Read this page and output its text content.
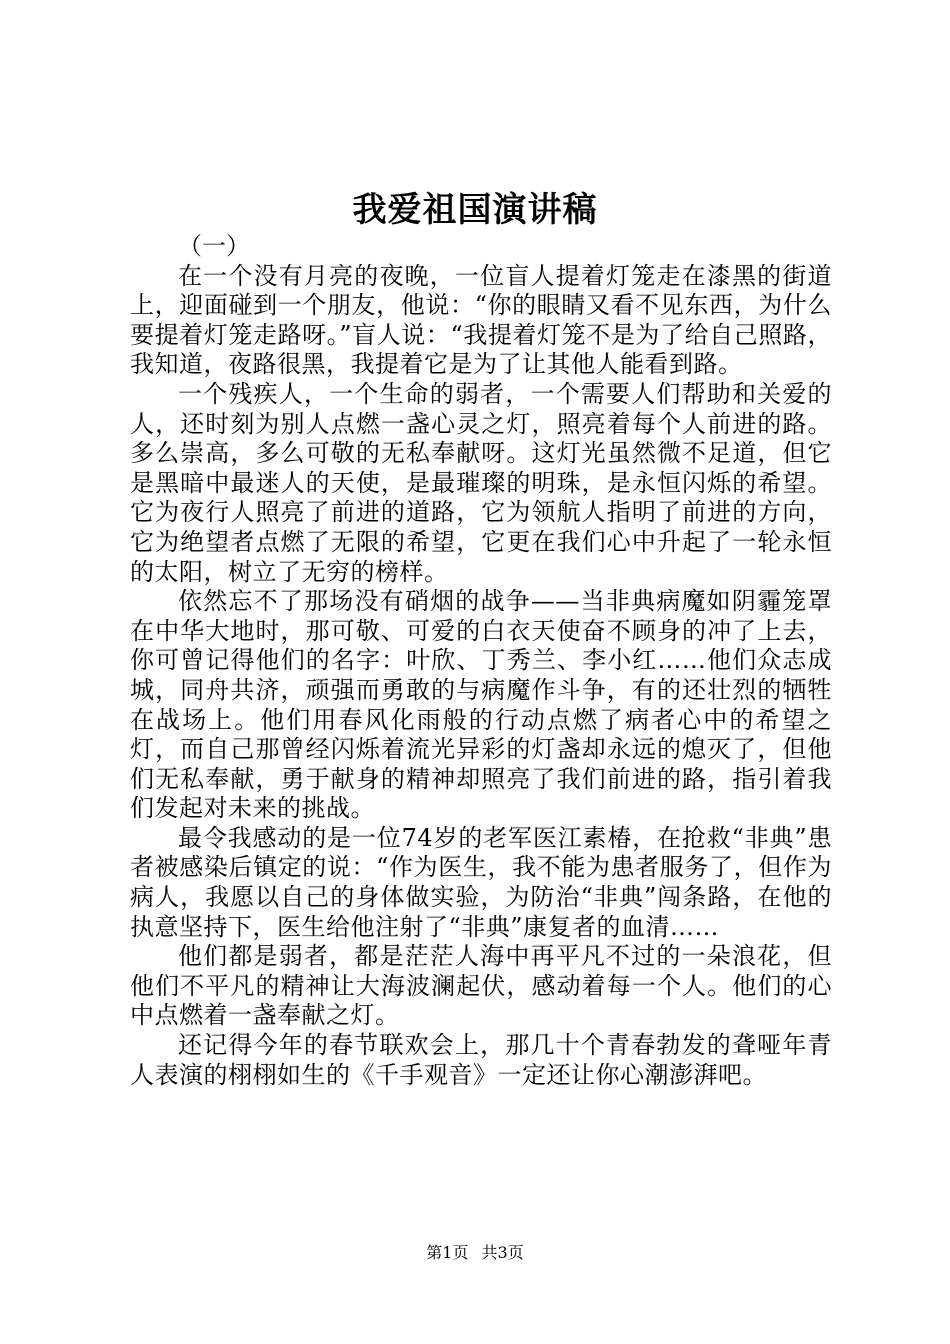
我爱祖国演讲稿

（一）

在一个没有月亮的夜晚，一位盲人提着灯笼走在漆黑的街道上，迎面碰到一个朋友，他说：“你的眼睛又看不见东西，为什么要提着灯笼走路呀。”盲人说：“我提着灯笼不是为了给自己照路，我知道，夜路很黑，我提着它是为了让其他人能看到路。

一个残疾人，一个生命的弱者，一个需要人们帮助和关爱的人，还时刻为别人点燃一盏心灵之灯，照亮着每个人前进的路。多么崇高，多么可敬的无私奉献呀。这灯光虽然微不足道，但它是黑暗中最迷人的天使，是最璀璨的明珠，是永恒闪烁的希望。它为夜行人照亮了前进的道路，它为领航人指明了前进的方向，它为绝望者点燃了无限的希望，它更在我们心中升起了一轮永恒的太阳，树立了无穷的榜样。

依然忘不了那场没有硝烟的战争——当非典病魔如阴霾笼罩在中华大地时，那可敬、可爱的白衣天使奋不顾身的冲了上去，你可曾记得他们的名字：叶欣、丁秀兰、李小红……他们众志成城，同舟共济，顽强而勇敢的与病魔作斗争，有的还壮烈的牺牲在战场上。他们用春风化雨般的行动点燃了病者心中的希望之灯，而自己那曾经闪烁着流光异彩的灯盏却永远的熄灭了，但他们无私奉献，勇于献身的精神却照亮了我们前进的路，指引着我们发起对未来的挑战。

最令我感动的是一位74岁的老军医江素椿，在抢救“非典”患者被感染后镇定的说：“作为医生，我不能为患者服务了，但作为病人，我愿以自己的身体做实验，为防治“非典”闯条路，在他的执意坚持下，医生给他注射了“非典”康复者的血清……

他们都是弱者，都是茫茫人海中再平凡不过的一朵浪花，但他们不平凡的精神让大海波澜起伏，感动着每一个人。他们的心中点燃着一盏奉献之灯。

还记得今年的春节联欢会上，那几十个青春勃发的聋哑年青人表演的栩栩如生的《千手观音》一定还让你心潮澎湃吧。

第1页 共3页
